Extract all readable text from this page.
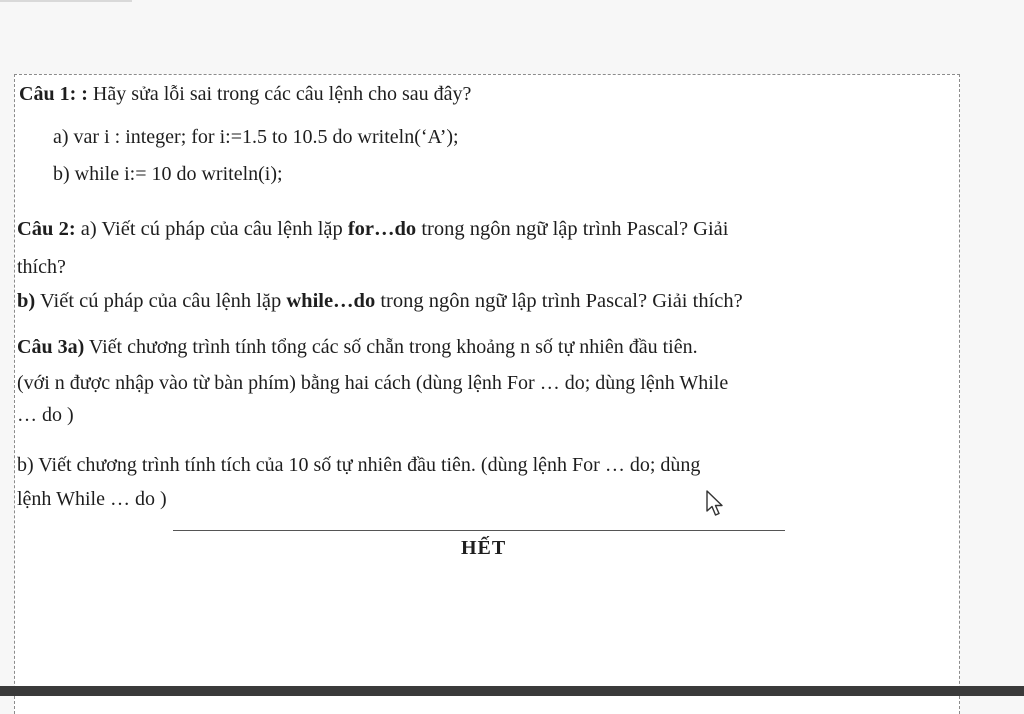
Câu 1: : Hãy sửa lỗi sai trong các câu lệnh cho sau đây?
a) var i : integer; for i:=1.5 to 10.5 do writeln(‘A’);
b) while i:= 10 do writeln(i);
Câu 2: a) Viết cú pháp của câu lệnh lặp for…do trong ngôn ngữ lập trình Pascal? Giải
thích?
b) Viết cú pháp của câu lệnh lặp while…do trong ngôn ngữ lập trình Pascal? Giải thích?
Câu 3a) Viết chương trình tính tổng các số chẵn trong khoảng n số tự nhiên đầu tiên.
(với n được nhập vào từ bàn phím) bằng hai cách (dùng lệnh For … do; dùng lệnh While
… do )
b) Viết chương trình tính tích của 10 số tự nhiên đầu tiên. (dùng lệnh For … do; dùng
lệnh While … do )
HẾT
